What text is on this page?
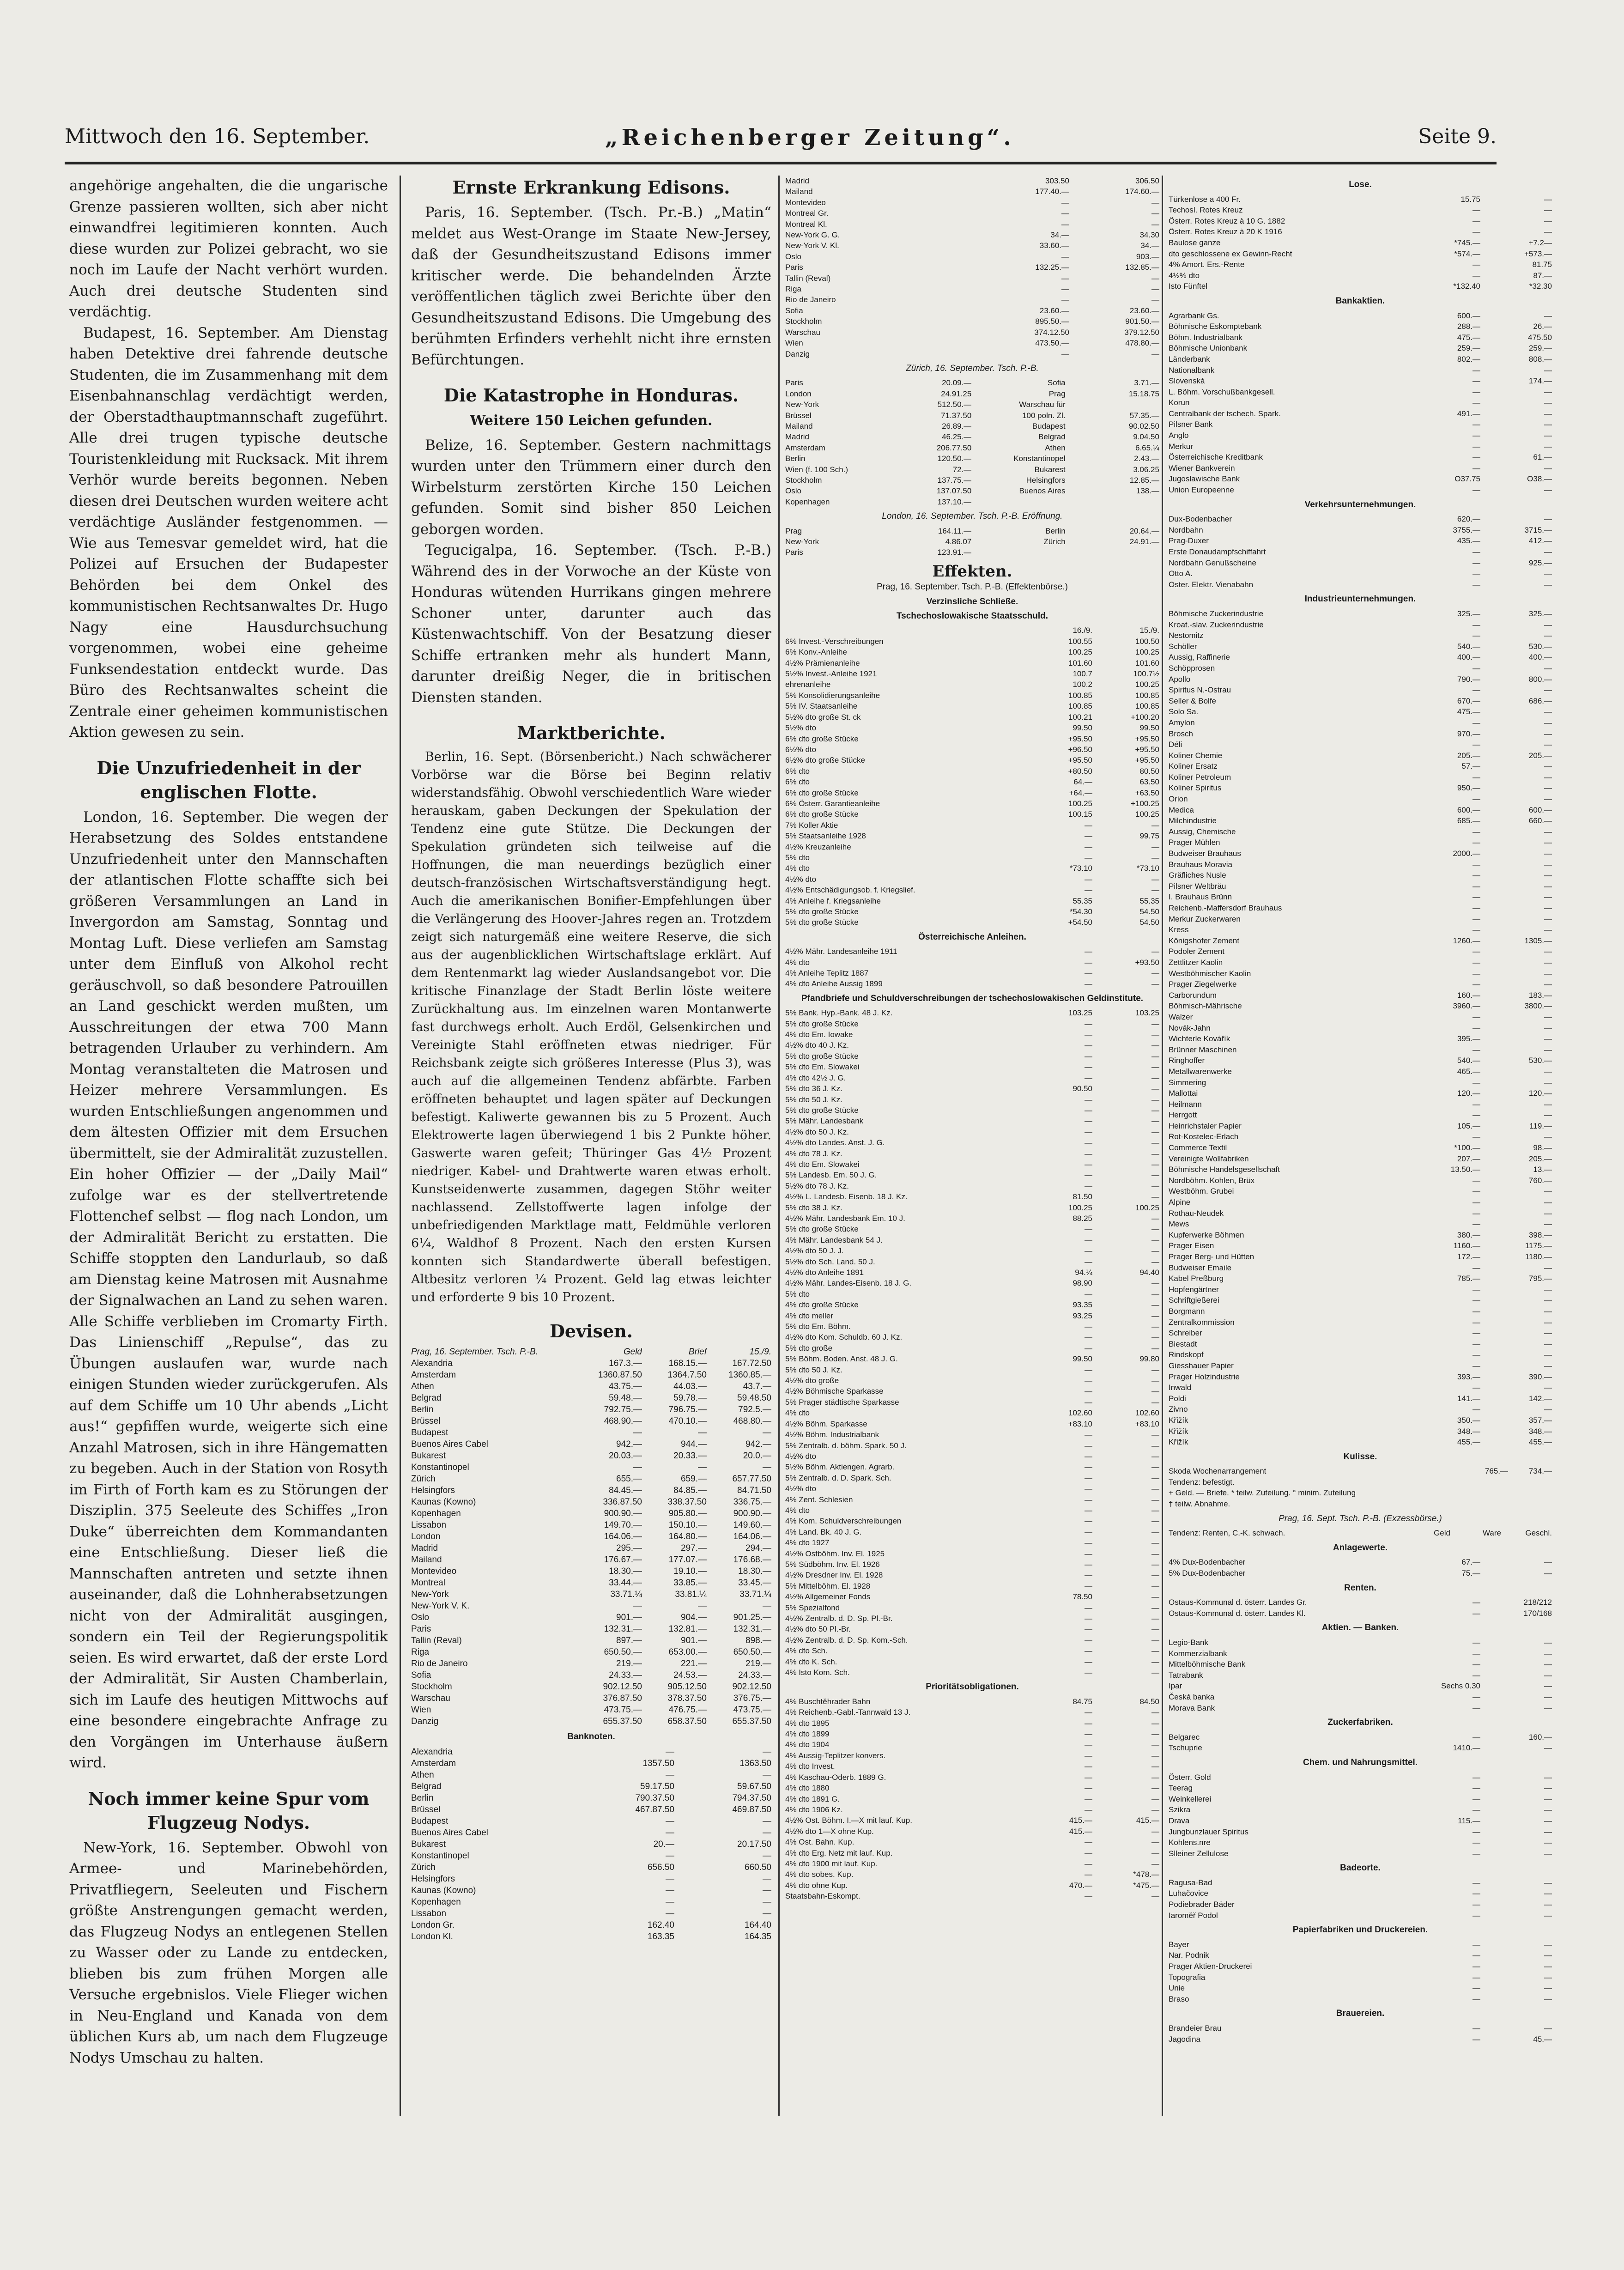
Mittwoch den 16. September.	„Reichenberger Zeitung“.	Seite 9.

angehörige angehalten, die die ungarische Grenze passieren wollten, sich aber nicht einwandfrei legitimieren konnten. Auch diese wurden zur Polizei gebracht, wo sie noch im Laufe der Nacht verhört wurden. Auch drei deutsche Studenten sind verdächtig.

Budapest, 16. September. Am Dienstag haben Detektive drei fahrende deutsche Studenten, die im Zusammenhang mit dem Eisenbahnanschlag verdächtigt werden, der Oberstadthauptmannschaft zugeführt. Alle drei trugen typische deutsche Touristenkleidung mit Rucksack. Mit ihrem Verhör wurde bereits begonnen. Neben diesen drei Deutschen wurden weitere acht verdächtige Ausländer festgenommen. — Wie aus Temesvar gemeldet wird, hat die Polizei auf Ersuchen der Budapester Behörden bei dem Onkel des kommunistischen Rechtsanwaltes Dr. Hugo Nagy eine Hausdurchsuchung vorgenommen, wobei eine geheime Funksendestation entdeckt wurde. Das Büro des Rechtsanwaltes scheint die Zentrale einer geheimen kommunistischen Aktion gewesen zu sein.

Die Unzufriedenheit in der englischen Flotte.

London, 16. September. Die wegen der Herabsetzung des Soldes entstandene Unzufriedenheit unter den Mannschaften der atlantischen Flotte schaffte sich bei größeren Versammlungen an Land in Invergordon am Samstag, Sonntag und Montag Luft. Diese verliefen am Samstag unter dem Einfluß von Alkohol recht geräuschvoll, so daß besondere Patrouillen an Land geschickt werden mußten, um Ausschreitungen der etwa 700 Mann betragenden Urlauber zu verhindern. Am Montag veranstalteten die Matrosen und Heizer mehrere Versammlungen. Es wurden Entschließungen angenommen und dem ältesten Offizier mit dem Ersuchen übermittelt, sie der Admiralität zuzustellen. Ein hoher Offizier — der „Daily Mail“ zufolge war es der stellvertretende Flottenchef selbst — flog nach London, um der Admiralität Bericht zu erstatten. Die Schiffe stoppten den Landurlaub, so daß am Dienstag keine Matrosen mit Ausnahme der Signalwachen an Land zu sehen waren. Alle Schiffe verblieben im Cromarty Firth. Das Linienschiff „Repulse“, das zu Übungen auslaufen war, wurde nach einigen Stunden wieder zurückgerufen. Als auf dem Schiffe um 10 Uhr abends „Licht aus!“ gepfiffen wurde, weigerte sich eine Anzahl Matrosen, sich in ihre Hängematten zu begeben. Auch in der Station von Rosyth im Firth of Forth kam es zu Störungen der Disziplin. 375 Seeleute des Schiffes „Iron Duke“ überreichten dem Kommandanten eine Entschließung. Dieser ließ die Mannschaften antreten und setzte ihnen auseinander, daß die Lohnherabsetzungen nicht von der Admiralität ausgingen, sondern ein Teil der Regierungspolitik seien. Es wird erwartet, daß der erste Lord der Admiralität, Sir Austen Chamberlain, sich im Laufe des heutigen Mittwochs auf eine besondere eingebrachte Anfrage zu den Vorgängen im Unterhause äußern wird.

Noch immer keine Spur vom Flugzeug Nodys.

New-York, 16. September. Obwohl von Armee- und Marinebehörden, Privatfliegern, Seeleuten und Fischern größte Anstrengungen gemacht werden, das Flugzeug Nodys an entlegenen Stellen zu Wasser oder zu Lande zu entdecken, blieben bis zum frühen Morgen alle Versuche ergebnislos. Viele Flieger wichen in Neu-England und Kanada von dem üblichen Kurs ab, um nach dem Flugzeuge Nodys Umschau zu halten.

Ernste Erkrankung Edisons.

Paris, 16. September. (Tsch. Pr.-B.) „Matin“ meldet aus West-Orange im Staate New-Jersey, daß der Gesundheitszustand Edisons immer kritischer werde. Die behandelnden Ärzte veröffentlichen täglich zwei Berichte über den Gesundheitszustand Edisons. Die Umgebung des berühmten Erfinders verhehlt nicht ihre ernsten Befürchtungen.

Die Katastrophe in Honduras.
Weitere 150 Leichen gefunden.

Belize, 16. September. Gestern nachmittags wurden unter den Trümmern einer durch den Wirbelsturm zerstörten Kirche 150 Leichen gefunden. Somit sind bisher 850 Leichen geborgen worden.

Tegucigalpa, 16. September. (Tsch. P.-B.) Während des in der Vorwoche an der Küste von Honduras wütenden Hurrikans gingen mehrere Schoner unter, darunter auch das Küstenwachtschiff. Von der Besatzung dieser Schiffe ertranken mehr als hundert Mann, darunter dreißig Neger, die in britischen Diensten standen.

Marktberichte.

Berlin, 16. Sept. (Börsenbericht.) Nach schwächerer Vorbörse war die Börse bei Beginn relativ widerstandsfähig. Obwohl verschiedentlich Ware wieder herauskam, gaben Deckungen der Spekulation der Tendenz eine gute Stütze. Die Deckungen der Spekulation gründeten sich teilweise auf die Hoffnungen, die man neuerdings bezüglich einer deutsch-französischen Wirtschaftsverständigung hegt. Auch die amerikanischen Bonifier-Empfehlungen über die Verlängerung des Hoover-Jahres regen an. Trotzdem zeigt sich naturgemäß eine weitere Reserve, die sich aus der augenblicklichen Wirtschaftslage erklärt. Auf dem Rentenmarkt lag wieder Auslandsangebot vor. Die kritische Finanzlage der Stadt Berlin löste weitere Zurückhaltung aus. Im einzelnen waren Montanwerte fast durchwegs erholt. Auch Erdöl, Gelsenkirchen und Vereinigte Stahl eröffneten etwas niedriger. Für Reichsbank zeigte sich größeres Interesse (Plus 3), was auch auf die allgemeinen Tendenz abfärbte. Farben eröffneten behauptet und lagen später auf Deckungen befestigt. Kaliwerte gewannen bis zu 5 Prozent. Auch Elektrowerte lagen überwiegend 1 bis 2 Punkte höher. Gaswerte waren gefeit; Thüringer Gas 4½ Prozent niedriger. Kabel- und Drahtwerte waren etwas erholt. Kunstseidenwerte zusammen, dagegen Stöhr weiter nachlassend. Zellstoffwerte lagen infolge der unbefriedigenden Marktlage matt, Feldmühle verloren 6¼, Waldhof 8 Prozent. Nach den ersten Kursen konnten sich Standardwerte überall befestigen. Altbesitz verloren ¼ Prozent. Geld lag etwas leichter und erforderte 9 bis 10 Prozent.

Devisen.
Prag, 16. September. Tsch. P.-B.	Geld	Brief	15./9.
Alexandria	167.3.—	168.15.—	167.72.50
Amsterdam	1360.87.50	1364.7.50	1360.85.—
Athen	43.75.—	44.03.—	43.7.—
Belgrad	59.48.—	59.78.—	59.48.50
Berlin	792.75.—	796.75.—	792.5.—
Brüssel	468.90.—	470.10.—	468.80.—
Budapest	—	—	—
Buenos Aires Cabel	942.—	944.—	942.—
Bukarest	20.03.—	20.33.—	20.0.—
Konstantinopel	—	—	—
Zürich	655.—	659.—	657.77.50
Helsingfors	84.45.—	84.85.—	84.71.50
Kaunas (Kowno)	336.87.50	338.37.50	336.75.—
Kopenhagen	900.90.—	905.80.—	900.90.—
Lissabon	149.70.—	150.10.—	149.60.—
London	164.06.—	164.80.—	164.06.—
Madrid	295.—	297.—	294.—
Mailand	176.67.—	177.07.—	176.68.—
Montevideo	18.30.—	19.10.—	18.30.—
Montreal	33.44.—	33.85.—	33.45.—
New-York	33.71.¼	33.81.¼	33.71.¼
New-York V. K.	—	—	—
Oslo	901.—	904.—	901.25.—
Paris	132.31.—	132.81.—	132.31.—
Tallin (Reval)	897.—	901.—	898.—
Riga	650.50.—	653.00.—	650.50.—
Rio de Janeiro	219.—	221.—	219.—
Sofia	24.33.—	24.53.—	24.33.—
Stockholm	902.12.50	905.12.50	902.12.50
Warschau	376.87.50	378.37.50	376.75.—
Wien	473.75.—	476.75.—	473.75.—
Danzig	655.37.50	658.37.50	655.37.50
Banknoten.
Alexandria	—	—
Amsterdam	1357.50	1363.50
Athen	—	—
Belgrad	59.17.50	59.67.50
Berlin	790.37.50	794.37.50
Brüssel	467.87.50	469.87.50
Budapest	—	—
Buenos Aires Cabel	—	—
Bukarest	20.—	20.17.50
Konstantinopel	—	—
Zürich	656.50	660.50
Helsingfors	—	—
Kaunas (Kowno)	—	—
Kopenhagen	—	—
Lissabon	—	—
London Gr.	162.40	164.40
London Kl.	163.35	164.35
Madrid	303.50	306.50
Mailand	177.40.—	174.60.—
Montevideo	—	—
Montreal Gr.	—	—
Montreal Kl.	—	—
New-York G. G.	34.—	34.30
New-York V. Kl.	33.60.—	34.—
Oslo	—	903.—
Paris	132.25.—	132.85.—
Tallin (Reval)	—	—
Riga	—	—
Rio de Janeiro	—	—
Sofia	23.60.—	23.60.—
Stockholm	895.50.—	901.50.—
Warschau	374.12.50	379.12.50
Wien	473.50.—	478.80.—
Danzig	—	—
Zürich, 16. September. Tsch. P.-B.
Paris	20.09.—	Sofia	3.71.—
London	24.91.25	Prag	15.18.75
New-York	512.50.—	Warschau für
Brüssel	71.37.50	100 poln. Zl.	57.35.—
Mailand	26.89.—	Budapest	90.02.50
Madrid	46.25.—	Belgrad	9.04.50
Amsterdam	206.77.50	Athen	6.65.¼
Berlin	120.50.—	Konstantinopel	2.43.—
Wien (f. 100 Sch.)	72.—	Bukarest	3.06.25
Stockholm	137.75.—	Helsingfors	12.85.—
Oslo	137.07.50	Buenos Aires	138.—
Kopenhagen	137.10.—
London, 16. September. Tsch. P.-B. Eröffnung.
Prag	164.11.—	Berlin	20.64.—
New-York	4.86.07	Zürich	24.91.—
Paris	123.91.—
Effekten.
Prag, 16. September. Tsch. P.-B. (Effektenbörse.)
Verzinsliche Schließe.
Tschechoslowakische Staatsschuld.
16./9.	15./9.
6% Invest.-Verschreibungen	100.55	100.50
6% Konv.-Anleihe	100.25	100.25
4½% Prämienanleihe	101.60	101.60
5½% Invest.-Anleihe 1921	100.7	100.7½
ehrenanleihe	100.2	100.25
5% Konsolidierungsanleihe	100.85	100.85
5% IV. Staatsanleihe	100.85	100.85
5½% dto große St. ck	100.21	+100.20
5½% dto	99.50	99.50
6% dto große Stücke	+95.50	+95.50
6½% dto	+96.50	+95.50
6½% dto große Stücke	+95.50	+95.50
6% dto	+80.50	80.50
6% dto	64.—	63.50
6% dto große Stücke	+64.—	+63.50
6% Österr. Garantieanleihe	100.25	+100.25
6% dto große Stücke	100.15	100.25
7% Koller Aktie	—	—
5% Staatsanleihe 1928	—	99.75
4½% Kreuzanleihe	—	—
5% dto	—	—
4% dto	*73.10	*73.10
4½% dto	—	—
4½% Entschädigungsob. f. Kriegslief.	—	—
4% Anleihe f. Kriegsanleihe	55.35	55.35
5% dto große Stücke	*54.30	54.50
5% dto große Stücke	+54.50	54.50
Österreichische Anleihen.
4½% Mähr. Landesanleihe 1911	—	—
4% dto	—	+93.50
4% Anleihe Teplitz 1887	—	—
4% dto Anleihe Aussig 1899	—	—
Pfandbriefe und Schuldverschreibungen der tschechoslowakischen Geldinstitute.
5% Bank. Hyp.-Bank. 48 J. Kz.	103.25	103.25
5% dto große Stücke	—	—
4% dto Em. Iowake	—	—
4½% dto 40 J. Kz.	—	—
5% dto große Stücke	—	—
5% dto Em. Slowakei	—	—
4% dto 42½ J. G.	—	—
5% dto 36 J. Kz.	90.50	—
5% dto 50 J. Kz.	—	—
5% dto große Stücke	—	—
5% Mähr. Landesbank	—	—
4½% dto 50 J. Kz.	—	—
4½% dto Landes. Anst. J. G.	—	—
4% dto 78 J. Kz.	—	—
4% dto Em. Slowakei	—	—
5% Landesb. Em. 50 J. G.	—	—
5½% dto 78 J. Kz.	—	—
4½% L. Landesb. Eisenb. 18 J. Kz.	81.50	—
5% dto 38 J. Kz.	100.25	100.25
4½% Mähr. Landesbank Em. 10 J.	88.25	—
5% dto große Stücke	—	—
4% Mähr. Landesbank 54 J.	—	—
4½% dto 50 J. J.	—	—
5½% dto Sch. Land. 50 J.	—	—
4½% dto Anleihe 1891	94.¼	94.40
4½% Mähr. Landes-Eisenb. 18 J. G.	98.90	—
5% dto	—	—
4% dto große Stücke	93.35	—
4% dto meller	93.25	—
5% dto Em. Böhm.	—	—
4½% dto Kom. Schuldb. 60 J. Kz.	—	—
5% dto große	—	—
5% Böhm. Boden. Anst. 48 J. G.	99.50	99.80
5% dto 50 J. Kz.	—	—
4½% dto große	—	—
4½% Böhmische Sparkasse	—	—
5% Prager städtische Sparkasse	—	—
4% dto	102.60	102.60
4½% Böhm. Sparkasse	+83.10	+83.10
4½% Böhm. Industrialbank	—	—
5% Zentralb. d. böhm. Spark. 50 J.	—	—
4½% dto	—	—
5½% Böhm. Aktiengen. Agrarb.	—	—
5% Zentralb. d. D. Spark. Sch.	—	—
4½% dto	—	—
4% Zent. Schlesien	—	—
4% dto	—	—
4% Kom. Schuldverschreibungen	—	—
4% Land. Bk. 40 J. G.	—	—
4% dto 1927	—	—
4½% Ostböhm. Inv. El. 1925	—	—
5% Südböhm. Inv. El. 1926	—	—
4½% Dresdner Inv. El. 1928	—	—
5% Mittelböhm. El. 1928	—	—
4½% Allgemeiner Fonds	78.50	—
5% Spezialfond	—	—
4½% Zentralb. d. D. Sp. Pl.-Br.	—	—
4½% dto 50 Pl.-Br.	—	—
4½% Zentralb. d. D. Sp. Kom.-Sch.	—	—
4% dto Sch.	—	—
4% dto K. Sch.	—	—
4% Isto Kom. Sch.	—	—
Prioritätsobligationen.
4% Buschtěhrader Bahn	84.75	84.50
4% Reichenb.-Gabl.-Tannwald 13 J.	—	—
4% dto 1895	—	—
4% dto 1899	—	—
4% dto 1904	—	—
4% Aussig-Teplitzer konvers.	—	—
4% dto Invest.	—	—
4% Kaschau-Oderb. 1889 G.	—	—
4% dto 1880	—	—
4% dto 1891 G.	—	—
4% dto 1906 Kz.	—	—
4½% Ost. Böhm. I.—X mit lauf. Kup.	415.—	415.—
4½% dto 1—X ohne Kup.	415.—	—
4% Ost. Bahn. Kup.	—	—
4% dto Erg. Netz mit lauf. Kup.	—	—
4% dto 1900 mit lauf. Kup.	—	—
4% dto sobes. Kup.	—	*478.—
4% dto ohne Kup.	470.—	*475.—
Staatsbahn-Eskompt.	—	—
Lose.
Türkenlose a 400 Fr.	15.75	—
Techosl. Rotes Kreuz	—	—
Österr. Rotes Kreuz à 10 G. 1882	—	—
Österr. Rotes Kreuz à 20 K 1916	—	—
Baulose ganze	*745.—	+7.2—
dto geschlossene ex Gewinn-Recht	*574.—	+573.—
4% Amort. Ers.-Rente	—	81.75
4½% dto	—	87.—
Isto Fünftel	*132.40	*32.30
Bankaktien.
Agrarbank Gs.	600.—	—
Böhmische Eskomptebank	288.—	26.—
Böhm. Industrialbank	475.—	475.50
Böhmische Unionbank	259.—	259.—
Länderbank	802.—	808.—
Nationalbank	—	—
Slovenská	—	174.—
L. Böhm. Vorschußbankgesell.	—	—
Korun	—	—
Centralbank der tschech. Spark.	491.—	—
Pilsner Bank	—	—
Anglo	—	—
Merkur	—	—
Österreichische Kreditbank	—	61.—
Wiener Bankverein	—	—
Jugoslawische Bank	O37.75	O38.—
Union Europeenne	—	—
Verkehrsunternehmungen.
Dux-Bodenbacher	620.—	—
Nordbahn	3755.—	3715.—
Prag-Duxer	435.—	412.—
Erste Donaudampfschiffahrt	—	—
Nordbahn Genußscheine	—	925.—
Otto A.	—	—
Oster. Elektr. Vienabahn	—	—
Industrieunternehmungen.
Böhmische Zuckerindustrie	325.—	325.—
Kroat.-slav. Zuckerindustrie	—	—
Nestomitz	—	—
Schöller	540.—	530.—
Aussig, Raffinerie	400.—	400.—
Schöpprosen	—	—
Apollo	790.—	800.—
Spiritus N.-Ostrau	—	—
Seller & Bolfe	670.—	686.—
Solo Sa.	475.—	—
Amylon	—	—
Brosch	970.—	—
Déli	—	—
Koliner Chemie	205.—	205.—
Koliner Ersatz	57.—	—
Koliner Petroleum	—	—
Koliner Spiritus	950.—	—
Orion	—	—
Medica	600.—	600.—
Milchindustrie	685.—	660.—
Aussig, Chemische	—	—
Prager Mühlen	—	—
Budweiser Brauhaus	2000.—	—
Brauhaus Moravia	—	—
Gräfliches Nusle	—	—
Pilsner Weltbräu	—	—
I. Brauhaus Brünn	—	—
Reichenb.-Maffersdorf Brauhaus	—	—
Merkur Zuckerwaren	—	—
Kress	—	—
Königshofer Zement	1260.—	1305.—
Podoler Zement	—	—
Zettlitzer Kaolin	—	—
Westböhmischer Kaolin	—	—
Prager Ziegelwerke	—	—
Carborundum	160.—	183.—
Böhmisch-Mährische	3960.—	3800.—
Walzer	—	—
Novák-Jahn	—	—
Wichterle Kovářík	395.—	—
Brünner Maschinen	—	—
Ringhoffer	540.—	530.—
Metallwarenwerke	465.—	—
Simmering	—	—
Mallottai	120.—	120.—
Heilmann	—	—
Herrgott	—	—
Heinrichstaler Papier	105.—	119.—
Rot-Kostelec-Erlach	—	—
Commerce Textil	*100.—	98.—
Vereinigte Wollfabriken	207.—	205.—
Böhmische Handelsgesellschaft	13.50.—	13.—
Nordböhm. Kohlen, Brüx	—	760.—
Westböhm. Grubei	—	—
Alpine	—	—
Rothau-Neudek	—	—
Mews	—	—
Kupferwerke Böhmen	380.—	398.—
Prager Eisen	1160.—	1175.—
Prager Berg- und Hütten	172.—	1180.—
Budweiser Emaile	—	—
Kabel Preßburg	785.—	795.—
Hopfengärtner	—	—
Schriftgießerei	—	—
Borgmann	—	—
Zentralkommission	—	—
Schreiber	—	—
Biestadt	—	—
Rindskopf	—	—
Giesshauer Papier	—	—
Prager Holzindustrie	393.—	390.—
Inwald	—	—
Poldi	141.—	142.—
Zivno	—	—
Křižík	350.—	357.—
Křižík	348.—	348.—
Křižík	455.—	455.—
Kulisse.
Skoda Wochenarrangement	765.—	734.—
Tendenz: befestigt.
+ Geld. — Briefe. * teilw. Zuteilung. ° minim. Zuteilung
† teilw. Abnahme.
Prag, 16. Sept. Tsch. P.-B. (Exzessbörse.)
Tendenz: Renten, C.-K. schwach.	Geld	Ware	Geschl.
Anlagewerte.
4% Dux-Bodenbacher	67.—	—
5% Dux-Bodenbacher	75.—	—
Renten.
Ostaus-Kommunal d. österr. Landes Gr.	—	218/212
Ostaus-Kommunal d. österr. Landes Kl.	—	170/168
Aktien. — Banken.
Legio-Bank	—	—
Kommerzialbank	—	—
Mittelböhmische Bank	—	—
Tatrabank	—	—
Ipar	Sechs 0.30	—
Česká banka	—	—
Morava Bank	—	—
Zuckerfabriken.
Belgarec	—	160.—
Tschuprie	1410.—	—
Chem. und Nahrungsmittel.
Österr. Gold	—	—
Teerag	—	—
Weinkellerei	—	—
Szikra	—	—
Drava	115.—	—
Jungbunzlauer Spiritus	—	—
Kohlens.nre	—	—
Slleiner Zellulose	—	—
Badeorte.
Ragusa-Bad	—	—
Luhačovice	—	—
Podiebrader Bäder	—	—
Iaroměř Podol	—	—
Papierfabriken und Druckereien.
Bayer	—	—
Nar. Podnik	—	—
Prager Aktien-Druckerei	—	—
Topografia	—	—
Unie	—	—
Braso	—	—
Brauereien.
Brandeier Brau	—	—
Jagodina	—	45.—
